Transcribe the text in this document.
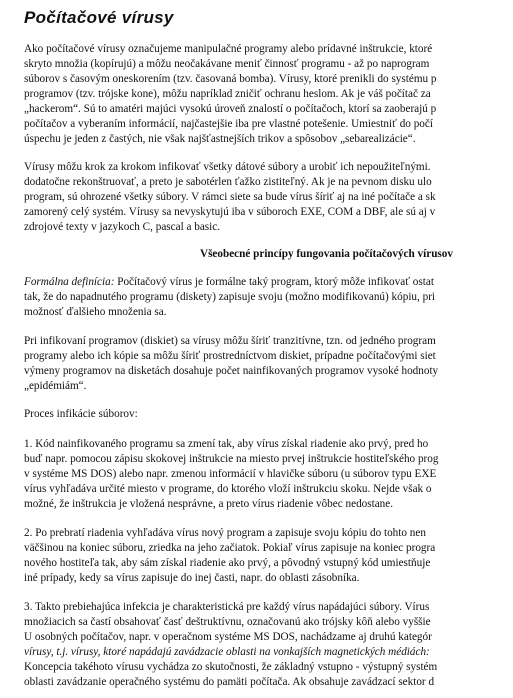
Počítačové vírusy
Ako počítačové vírusy označujeme manipulačné programy alebo prídavné inštrukcie, ktoré
skryto množia (kopírujú) a môžu neočakávane meniť činnosť programu - až po naprogram
súborov s časovým oneskorením (tzv. časovaná bomba). Vírusy, ktoré prenikli do systému p
programov (tzv. trójske kone), môžu napríklad zničiť ochranu heslom. Ak je váš počítač za
„hackerom“. Sú to amatéri majúci vysokú úroveň znalostí o počítačoch, ktorí sa zaoberajú p
počítačov a vyberaním informácií, najčastejšie iba pre vlastné potešenie. Umiestniť do počí
úspechu je jeden z častých, nie však najšťastnejších trikov a spôsobov „sebarealizácie“.
Vírusy môžu krok za krokom infikovať všetky dátové súbory a urobiť ich nepoužiteľnými.
dodatočne rekonštruovať, a preto je sabotérlen ťažko zistiteľný. Ak je na pevnom disku ulo
program, sú ohrozené všetky súbory. V rámci siete sa bude vírus šíriť aj na iné počítače a sk
zamorený celý systém. Vírusy sa nevyskytujú iba v súboroch EXE, COM a DBF, ale sú aj v
zdrojové texty v jazykoch C, pascal a basic.
Všeobecné princípy fungovania počítačových vírusov
Formálna definícia: Počítačový vírus je formálne taký program, ktorý môže infikovať ostat
tak, že do napadnutého programu (diskety) zapisuje svoju (možno modifikovanú) kópiu, pri
možnosť ďalšieho množenia sa.
Pri infikovaní programov (diskiet) sa vírusy môžu šíriť tranzitívne, tzn. od jedného program
programy alebo ich kópie sa môžu šíriť prostredníctvom diskiet, prípadne počítačovými siet
výmeny programov na disketách dosahuje počet nainfikovaných programov vysoké hodnoty
„epidémiám“.
Proces infikácie súborov:
1. Kód nainfikovaného programu sa zmení tak, aby vírus získal riadenie ako prvý, pred ho
buď napr. pomocou zápisu skokovej inštrukcie na miesto prvej inštrukcie hostiteľského prog
v systéme MS DOS) alebo napr. zmenou informácií v hlavičke súboru (u súborov typu EXE
vírus vyhľadáva určité miesto v programe, do ktorého vloží inštrukciu skoku. Nejde však o
možné, že inštrukcia je vložená nesprávne, a preto vírus riadenie vôbec nedostane.
2. Po prebratí riadenia vyhľadáva vírus nový program a zapisuje svoju kópiu do tohto nen
väčšinou na koniec súboru, zriedka na jeho začiatok. Pokiaľ vírus zapisuje na koniec progra
nového hostiteľa tak, aby sám získal riadenie ako prvý, a pôvodný vstupný kód umiestňuje
iné prípady, kedy sa vírus zapisuje do inej časti, napr. do oblasti zásobníka.
3. Takto prebiehajúca infekcia je charakteristická pre každý vírus napádajúci súbory. Vírus
množiacich sa častí obsahovať časť deštruktívnu, označovanú ako trójsky kôň alebo vyššie
U osobných počítačov, napr. v operačnom systéme MS DOS, nachádzame aj druhú kategór
vírusy, t.j. vírusy, ktoré napádajú zavádzacie oblasti na vonkajších magnetických médiách:
Koncepcia takéhoto vírusu vychádza zo skutočnosti, že základný vstupno - výstupný systém
oblasti zavádzanie operačného systému do pamäti počítača. Ak obsahuje zavádzací sektor d
